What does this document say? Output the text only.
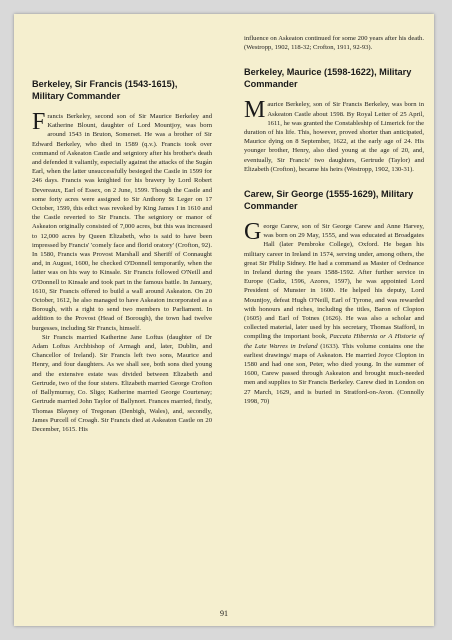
Berkeley, Sir Francis (1543-1615), Military Commander

Francis Berkeley, second son of Sir Maurice Berkeley and Katherine Blount, daughter of Lord Mountjoy, was born around 1543 in Bruton, Somerset. He was a brother of Sir Edward Berkeley, who died in 1589 (q.v.). Francis took over command of Askeaton Castle and seigniory after his brother's death and defended it valiantly, especially against the attacks of the Sugán Earl, when the latter unsuccessfully besieged the Castle in 1599 for 246 days. Francis was knighted for his bravery by Lord Robert Devereaux, Earl of Essex, on 2 June, 1599. Though the Castle and some forty acres were assigned to Sir Anthony St Leger on 17 October, 1599, this edict was revoked by King James I in 1610 and the Castle reverted to Sir Francis. The seigniory or manor of Askeaton originally consisted of 7,000 acres, but this was increased to 12,000 acres by Queen Elizabeth, who is said to have been impressed by Francis' 'comely face and florid oratory' (Crofton, 92). In 1580, Francis was Provost Marshall and Sheriff of Connaught and, in August, 1600, he checked O'Donnell temporarily, when the latter was on his way to Kinsale. Sir Francis followed O'Neill and O'Donnell to Kinsale and took part in the famous battle. In January, 1610, Sir Francis offered to build a wall around Askeaton. On 20 October, 1612, he also managed to have Askeaton incorporated as a Borough, with a right to send two members to Parliament. In addition to the Provost (Head of Borough), the town had twelve burgesses, including Sir Francis, himself.

Sir Francis married Katherine Jane Loftus (daughter of Dr Adam Loftus Archbishop of Armagh and, later, Dublin, and Chancellor of Ireland). Sir Francis left two sons, Maurice and Henry, and four daughters. As we shall see, both sons died young and the extensive estate was divided between Elizabeth and Gertrude, two of the four sisters. Elizabeth married George Crofton of Ballymurray, Co. Sligo; Katherine married George Courtenay; Gertrude married John Taylor of Ballynort. Frances married, firstly, Thomas Blayney of Tregonan (Denbigh, Wales), and, secondly, James Purcell of Croagh. Sir Francis died at Askeaton Castle on 20 December, 1615. His

influence on Askeaton continued for some 200 years after his death. (Westropp, 1902, 118-32; Crofton, 1911, 92-93).

Berkeley, Maurice (1598-1622), Military Commander

Maurice Berkeley, son of Sir Francis Berkeley, was born in Askeaton Castle about 1598. By Royal Letter of 25 April, 1611, he was granted the Constableship of Limerick for the duration of his life. This, however, proved shorter than anticipated, Maurice dying on 8 September, 1622, at the early age of 24. His younger brother, Henry, also died young at the age of 20, and, eventually, Sir Francis' two daughters, Gertrude (Taylor) and Elizabeth (Crofton), became his heirs (Westropp, 1902, 130-31).

Carew, Sir George (1555-1629), Military Commander

George Carew, son of Sir George Carew and Anne Harvey, was born on 29 May, 1555, and was educated at Broadgates Hall (later Pembroke College), Oxford. He began his military career in Ireland in 1574, serving under, among others, the great Sir Philip Sidney. He had a command as Master of Ordnance in Ireland during the years 1588-1592. After further service in Europe (Cadiz, 1596, Azores, 1597), he was appointed Lord President of Munster in 1600. He helped his deputy, Lord Mountjoy, defeat Hugh O'Neill, Earl of Tyrone, and was rewarded with honours and riches, including the titles, Baron of Clopton (1605) and Earl of Totnes (1626). He was also a scholar and collected material, later used by his secretary, Thomas Stafford, in compiling the important book, Paccata Hibernia or A Historie of the Late Warres in Ireland (1633). This volume contains one the earliest drawings/ maps of Askeaton. He married Joyce Clopton in 1580 and had one son, Peter, who died young. In the summer of 1600, Carew passed through Askeaton and brought much-needed men and supplies to Sir Francis Berkeley. Carew died in London on 27 March, 1629, and is buried in Stratford-on-Avon. (Connolly 1998, 70)

91
